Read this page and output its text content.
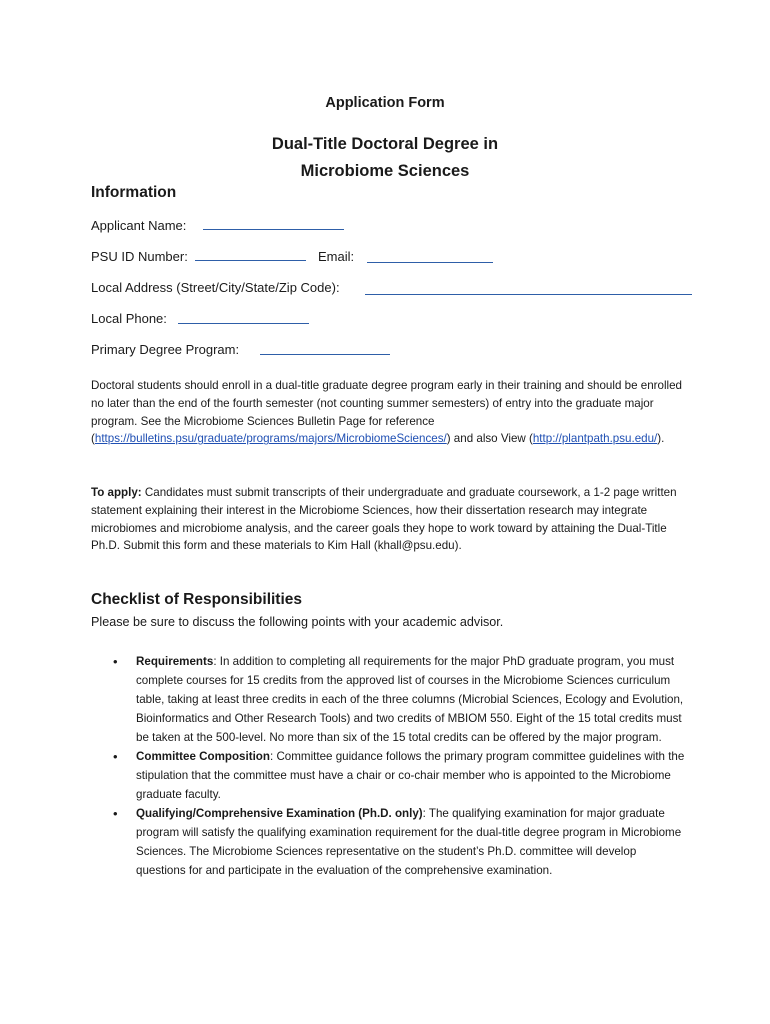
Application Form
Dual-Title Doctoral Degree in
Microbiome Sciences
Information
Applicant Name:
PSU ID Number:	Email:
Local Address (Street/City/State/Zip Code):
Local Phone:
Primary Degree Program:
Doctoral students should enroll in a dual-title graduate degree program early in their training and should be enrolled no later than the end of the fourth semester (not counting summer semesters) of entry into the graduate major program. See the Microbiome Sciences Bulletin Page for reference (https://bulletins.psu/graduate/programs/majors/MicrobiomeSciences/) and also View (http://plantpath.psu.edu/).
To apply: Candidates must submit transcripts of their undergraduate and graduate coursework, a 1-2 page written statement explaining their interest in the Microbiome Sciences, how their dissertation research may integrate microbiomes and microbiome analysis, and the career goals they hope to work toward by attaining the Dual-Title Ph.D. Submit this form and these materials to Kim Hall (khall@psu.edu).
Checklist of Responsibilities
Please be sure to discuss the following points with your academic advisor.
• Requirements: In addition to completing all requirements for the major PhD graduate program, you must complete courses for 15 credits from the approved list of courses in the Microbiome Sciences curriculum table, taking at least three credits in each of the three columns (Microbial Sciences, Ecology and Evolution, Bioinformatics and Other Research Tools) and two credits of MBIOM 550. Eight of the 15 total credits must be taken at the 500-level. No more than six of the 15 total credits can be offered by the major program.
• Committee Composition: Committee guidance follows the primary program committee guidelines with the stipulation that the committee must have a chair or co-chair member who is appointed to the Microbiome graduate faculty.
• Qualifying/Comprehensive Examination (Ph.D. only): The qualifying examination for major graduate program will satisfy the qualifying examination requirement for the dual-title degree program in Microbiome Sciences. The Microbiome Sciences representative on the student’s Ph.D. committee will develop questions for and participate in the evaluation of the comprehensive examination.
